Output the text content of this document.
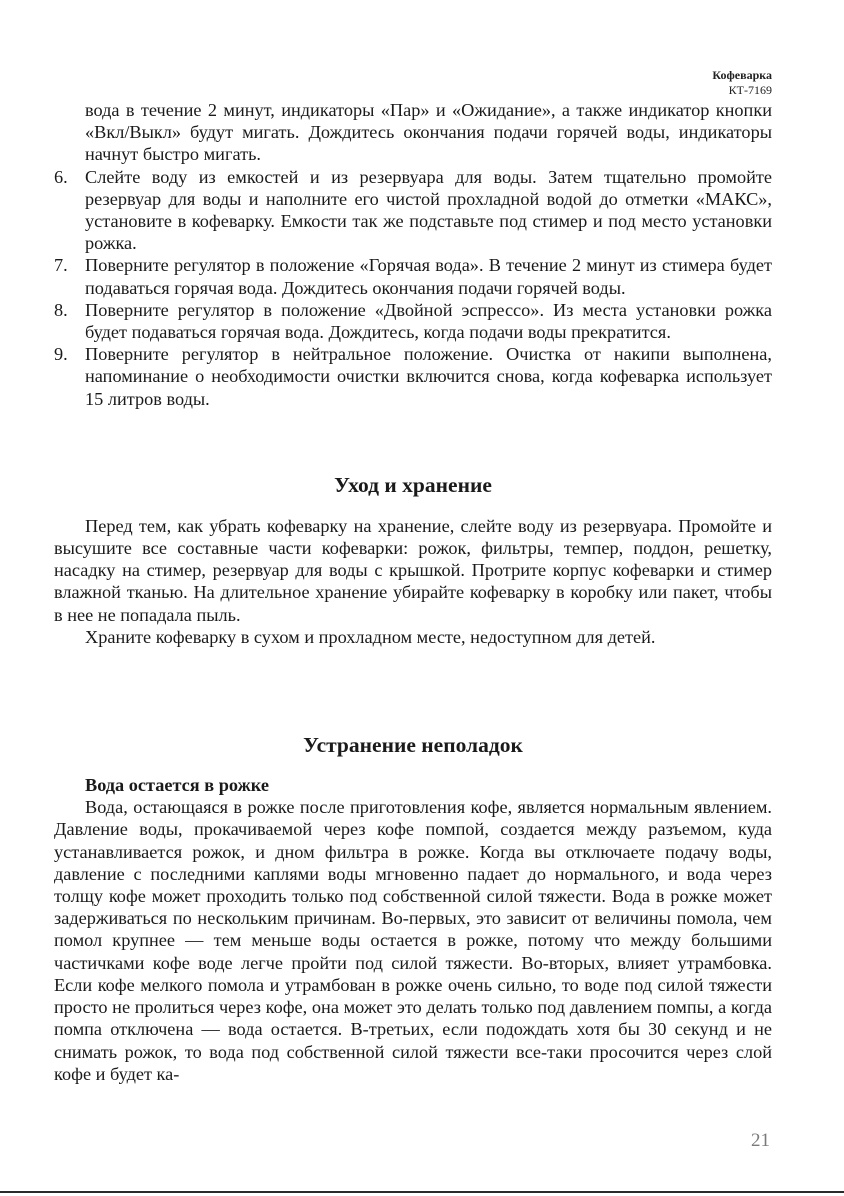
Кофеварка
КТ-7169

вода в течение 2 минут, индикаторы «Пар» и «Ожидание», а также индикатор кнопки «Вкл/Выкл» будут мигать. Дождитесь окончания подачи горячей воды, индикаторы начнут быстро мигать.

6. Слейте воду из емкостей и из резервуара для воды. Затем тщательно промойте резервуар для воды и наполните его чистой прохладной водой до отметки «МАКС», установите в кофеварку. Емкости так же подставьте под стимер и под место установки рожка.
7. Поверните регулятор в положение «Горячая вода». В течение 2 минут из стимера будет подаваться горячая вода. Дождитесь окончания подачи горячей воды.
8. Поверните регулятор в положение «Двойной эспрессо». Из места установки рожка будет подаваться горячая вода. Дождитесь, когда подачи воды прекратится.
9. Поверните регулятор в нейтральное положение. Очистка от накипи выполнена, напоминание о необходимости очистки включится снова, когда кофеварка использует 15 литров воды.
Уход и хранение

Перед тем, как убрать кофеварку на хранение, слейте воду из резервуара. Промойте и высушите все составные части кофеварки: рожок, фильтры, темпер, поддон, решетку, насадку на стимер, резервуар для воды с крышкой. Протрите корпус кофеварки и стимер влажной тканью. На длительное хранение убирайте кофеварку в коробку или пакет, чтобы в нее не попадала пыль.

Храните кофеварку в сухом и прохладном месте, недоступном для детей.

Устранение неполадок

Вода остается в рожке

Вода, остающаяся в рожке после приготовления кофе, является нормальным явлением. Давление воды, прокачиваемой через кофе помпой, создается между разъемом, куда устанавливается рожок, и дном фильтра в рожке. Когда вы отключаете подачу воды, давление с последними каплями воды мгновенно падает до нормального, и вода через толщу кофе может проходить только под собственной силой тяжести. Вода в рожке может задерживаться по нескольким причинам. Во-первых, это зависит от величины помола, чем помол крупнее — тем меньше воды остается в рожке, потому что между большими частичками кофе воде легче пройти под силой тяжести. Во-вторых, влияет утрамбовка. Если кофе мелкого помола и утрамбован в рожке очень сильно, то воде под силой тяжести просто не пролиться через кофе, она может это делать только под давлением помпы, а когда помпа отключена — вода остается. В-третьих, если подождать хотя бы 30 секунд и не снимать рожок, то вода под собственной силой тяжести все-таки просочится через слой кофе и будет ка-

21
